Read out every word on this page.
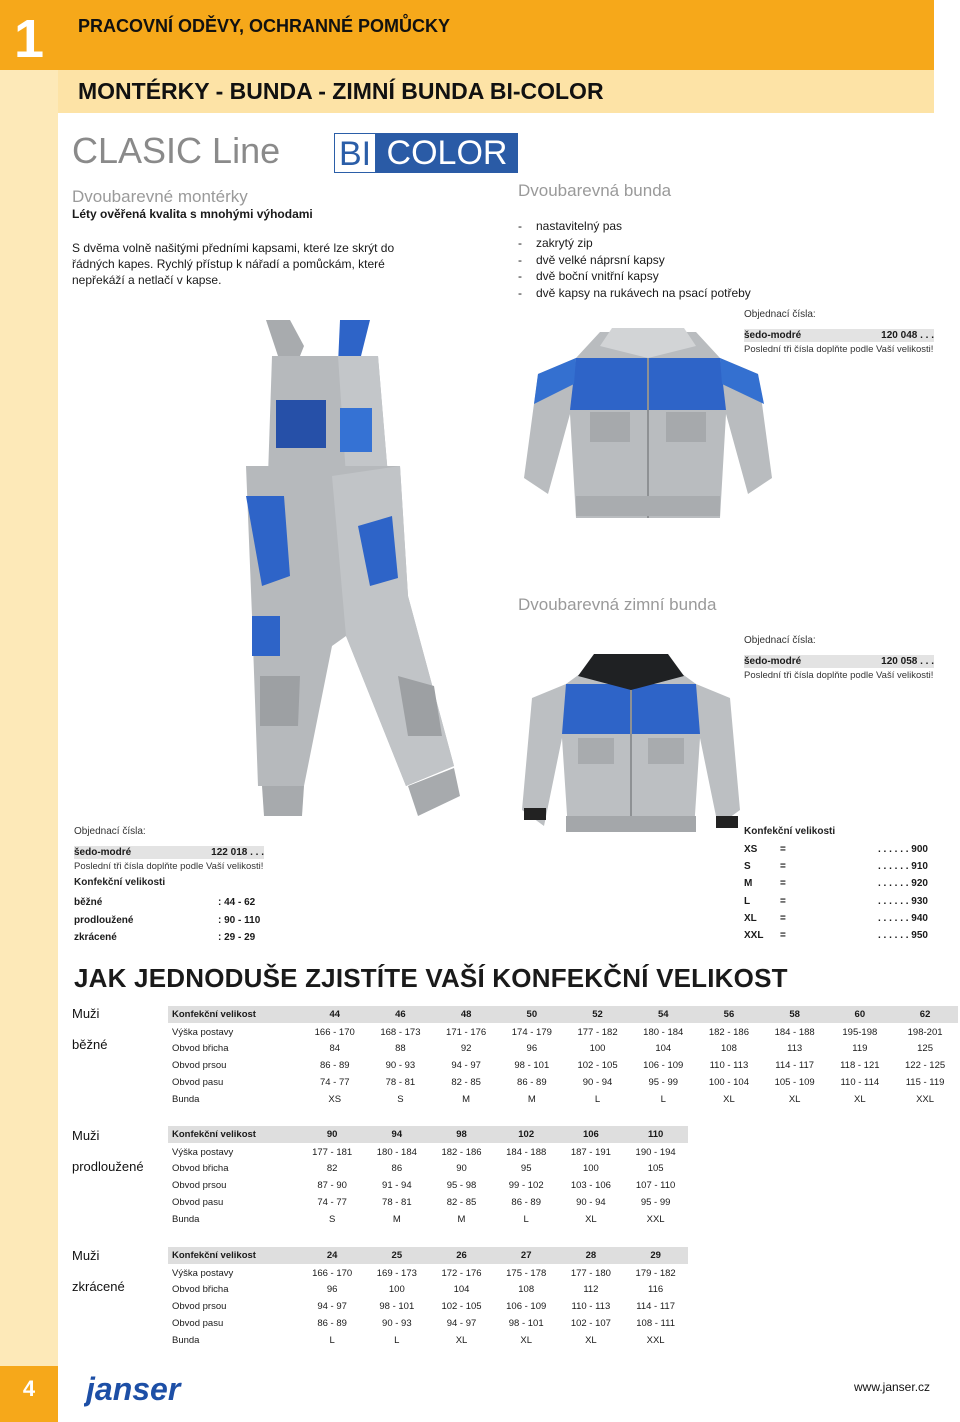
1	PRACOVNÍ ODĚVY, OCHRANNÉ POMŮCKY
MONTÉRKY - BUNDA - ZIMNÍ BUNDA BI-COLOR
CLASIC Line BI COLOR
Dvoubarevné montérky
Léty ověřená kvalita s mnohými výhodami
S dvěma volně našitými předními kapsami, které lze skrýt do řádných kapes. Rychlý přístup k nářadí a pomůckám, které nepřekáží a netlačí v kapse.
Dvoubarevná bunda
- nastavitelný pas
- zakrytý zip
- dvě velké náprsní kapsy
- dvě boční vnitřní kapsy
- dvě kapsy na rukávech na psací potřeby
Objednací čísla:
šedo-modré	120 048 . . .
Poslední tři čísla doplňte podle Vaší velikosti!
Dvoubarevná zimní bunda
Objednací čísla:
šedo-modré	120 058 . . .
Poslední tři čísla doplňte podle Vaší velikosti!
Objednací čísla:
šedo-modré	122 018 . . .
Poslední tři čísla doplňte podle Vaší velikosti!
Konfekční velikosti
běžné	: 44 - 62
prodloužené	: 90 - 110
zkrácené	: 29 - 29
Konfekční velikosti
XS	=	. . . . . . 900
S	=	. . . . . . 910
M	=	. . . . . . 920
L	=	. . . . . . 930
XL	=	. . . . . . 940
XXL	=	. . . . . . 950
JAK JEDNODUŠE ZJISTÍTE VAŠÍ KONFEKČNÍ VELIKOST
Muži
běžné
Konfekční velikost	44	46	48	50	52	54	56	58	60	62
Výška postavy	166 - 170	168 - 173	171 - 176	174 - 179	177 - 182	180 - 184	182 - 186	184 - 188	195-198	198-201
Obvod břicha	84	88	92	96	100	104	108	113	119	125
Obvod prsou	86 - 89	90 - 93	94 - 97	98 - 101	102 - 105	106 - 109	110 - 113	114 - 117	118 - 121	122 - 125
Obvod pasu	74 - 77	78 - 81	82 - 85	86 - 89	90 - 94	95 - 99	100 - 104	105 - 109	110 - 114	115 - 119
Bunda	XS	S	M	M	L	L	XL	XL	XL	XXL
Muži
prodloužené
Konfekční velikost	90	94	98	102	106	110
Výška postavy	177 - 181	180 - 184	182 - 186	184 - 188	187 - 191	190 - 194
Obvod břicha	82	86	90	95	100	105
Obvod prsou	87 - 90	91 - 94	95 - 98	99 - 102	103 - 106	107 - 110
Obvod pasu	74 - 77	78 - 81	82 - 85	86 - 89	90 - 94	95 - 99
Bunda	S	M	M	L	XL	XXL
Muži
zkrácené
Konfekční velikost	24	25	26	27	28	29
Výška postavy	166 - 170	169 - 173	172 - 176	175 - 178	177 - 180	179 - 182
Obvod břicha	96	100	104	108	112	116
Obvod prsou	94 - 97	98 - 101	102 - 105	106 - 109	110 - 113	114 - 117
Obvod pasu	86 - 89	90 - 93	94 - 97	98 - 101	102 - 107	108 - 111
Bunda	L	L	XL	XL	XL	XXL
4	janser	www.janser.cz
